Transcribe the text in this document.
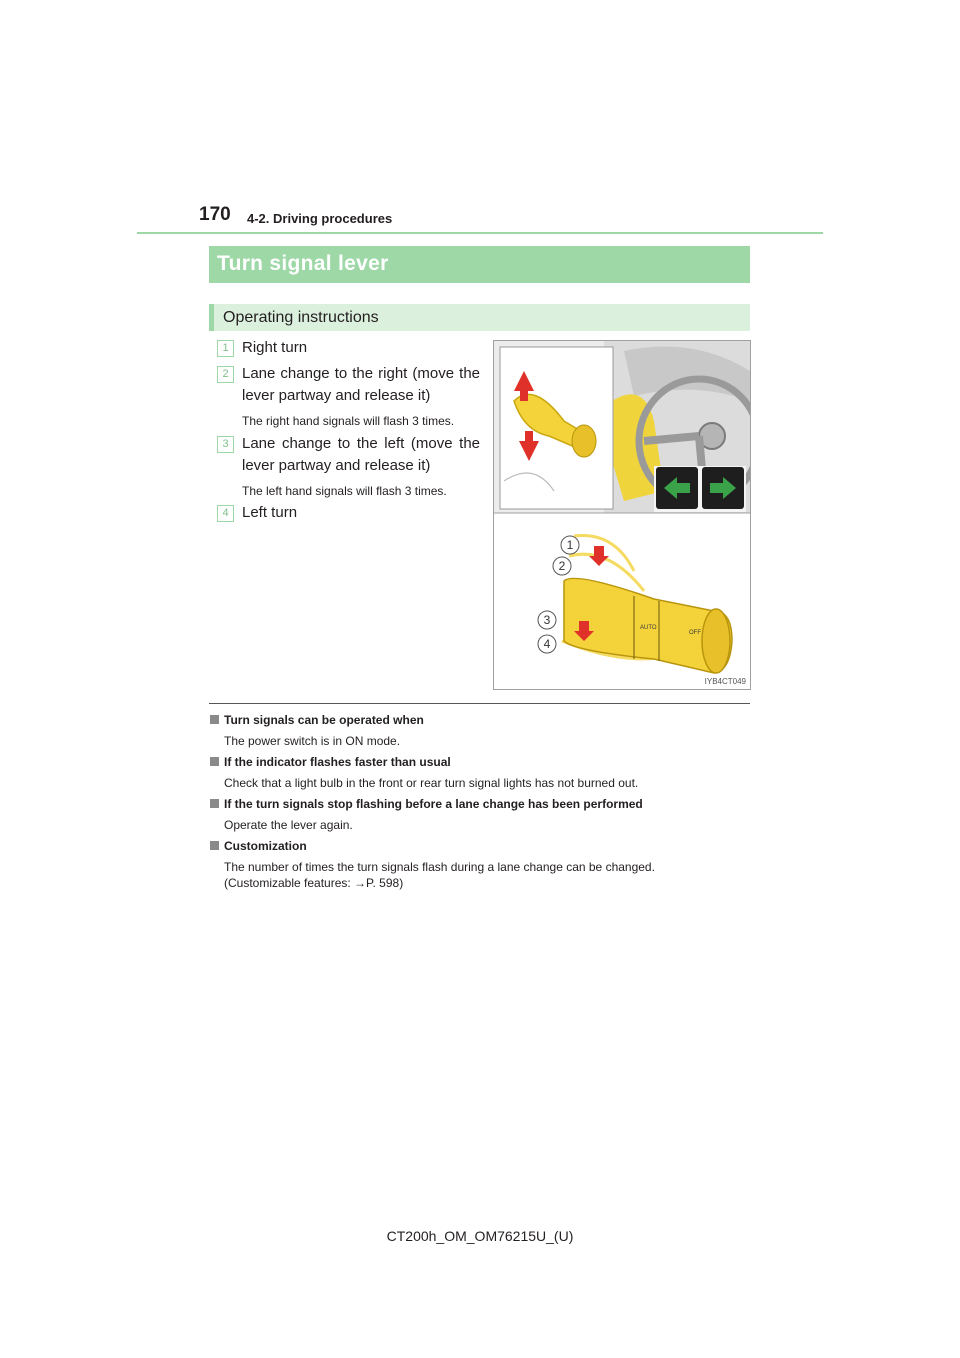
170 4-2. Driving procedures
Turn signal lever
Operating instructions
1 Right turn
2 Lane change to the right (move the lever partway and release it)
The right hand signals will flash 3 times.
3 Lane change to the left (move the lever partway and release it)
The left hand signals will flash 3 times.
4 Left turn
AUTO
OFF
1
2
3
4
IYB4CT049
Turn signals can be operated when
The power switch is in ON mode.
If the indicator flashes faster than usual
Check that a light bulb in the front or rear turn signal lights has not burned out.
If the turn signals stop flashing before a lane change has been performed
Operate the lever again.
Customization
The number of times the turn signals flash during a lane change can be changed.
(Customizable features: →P. 598)
CT200h_OM_OM76215U_(U)
